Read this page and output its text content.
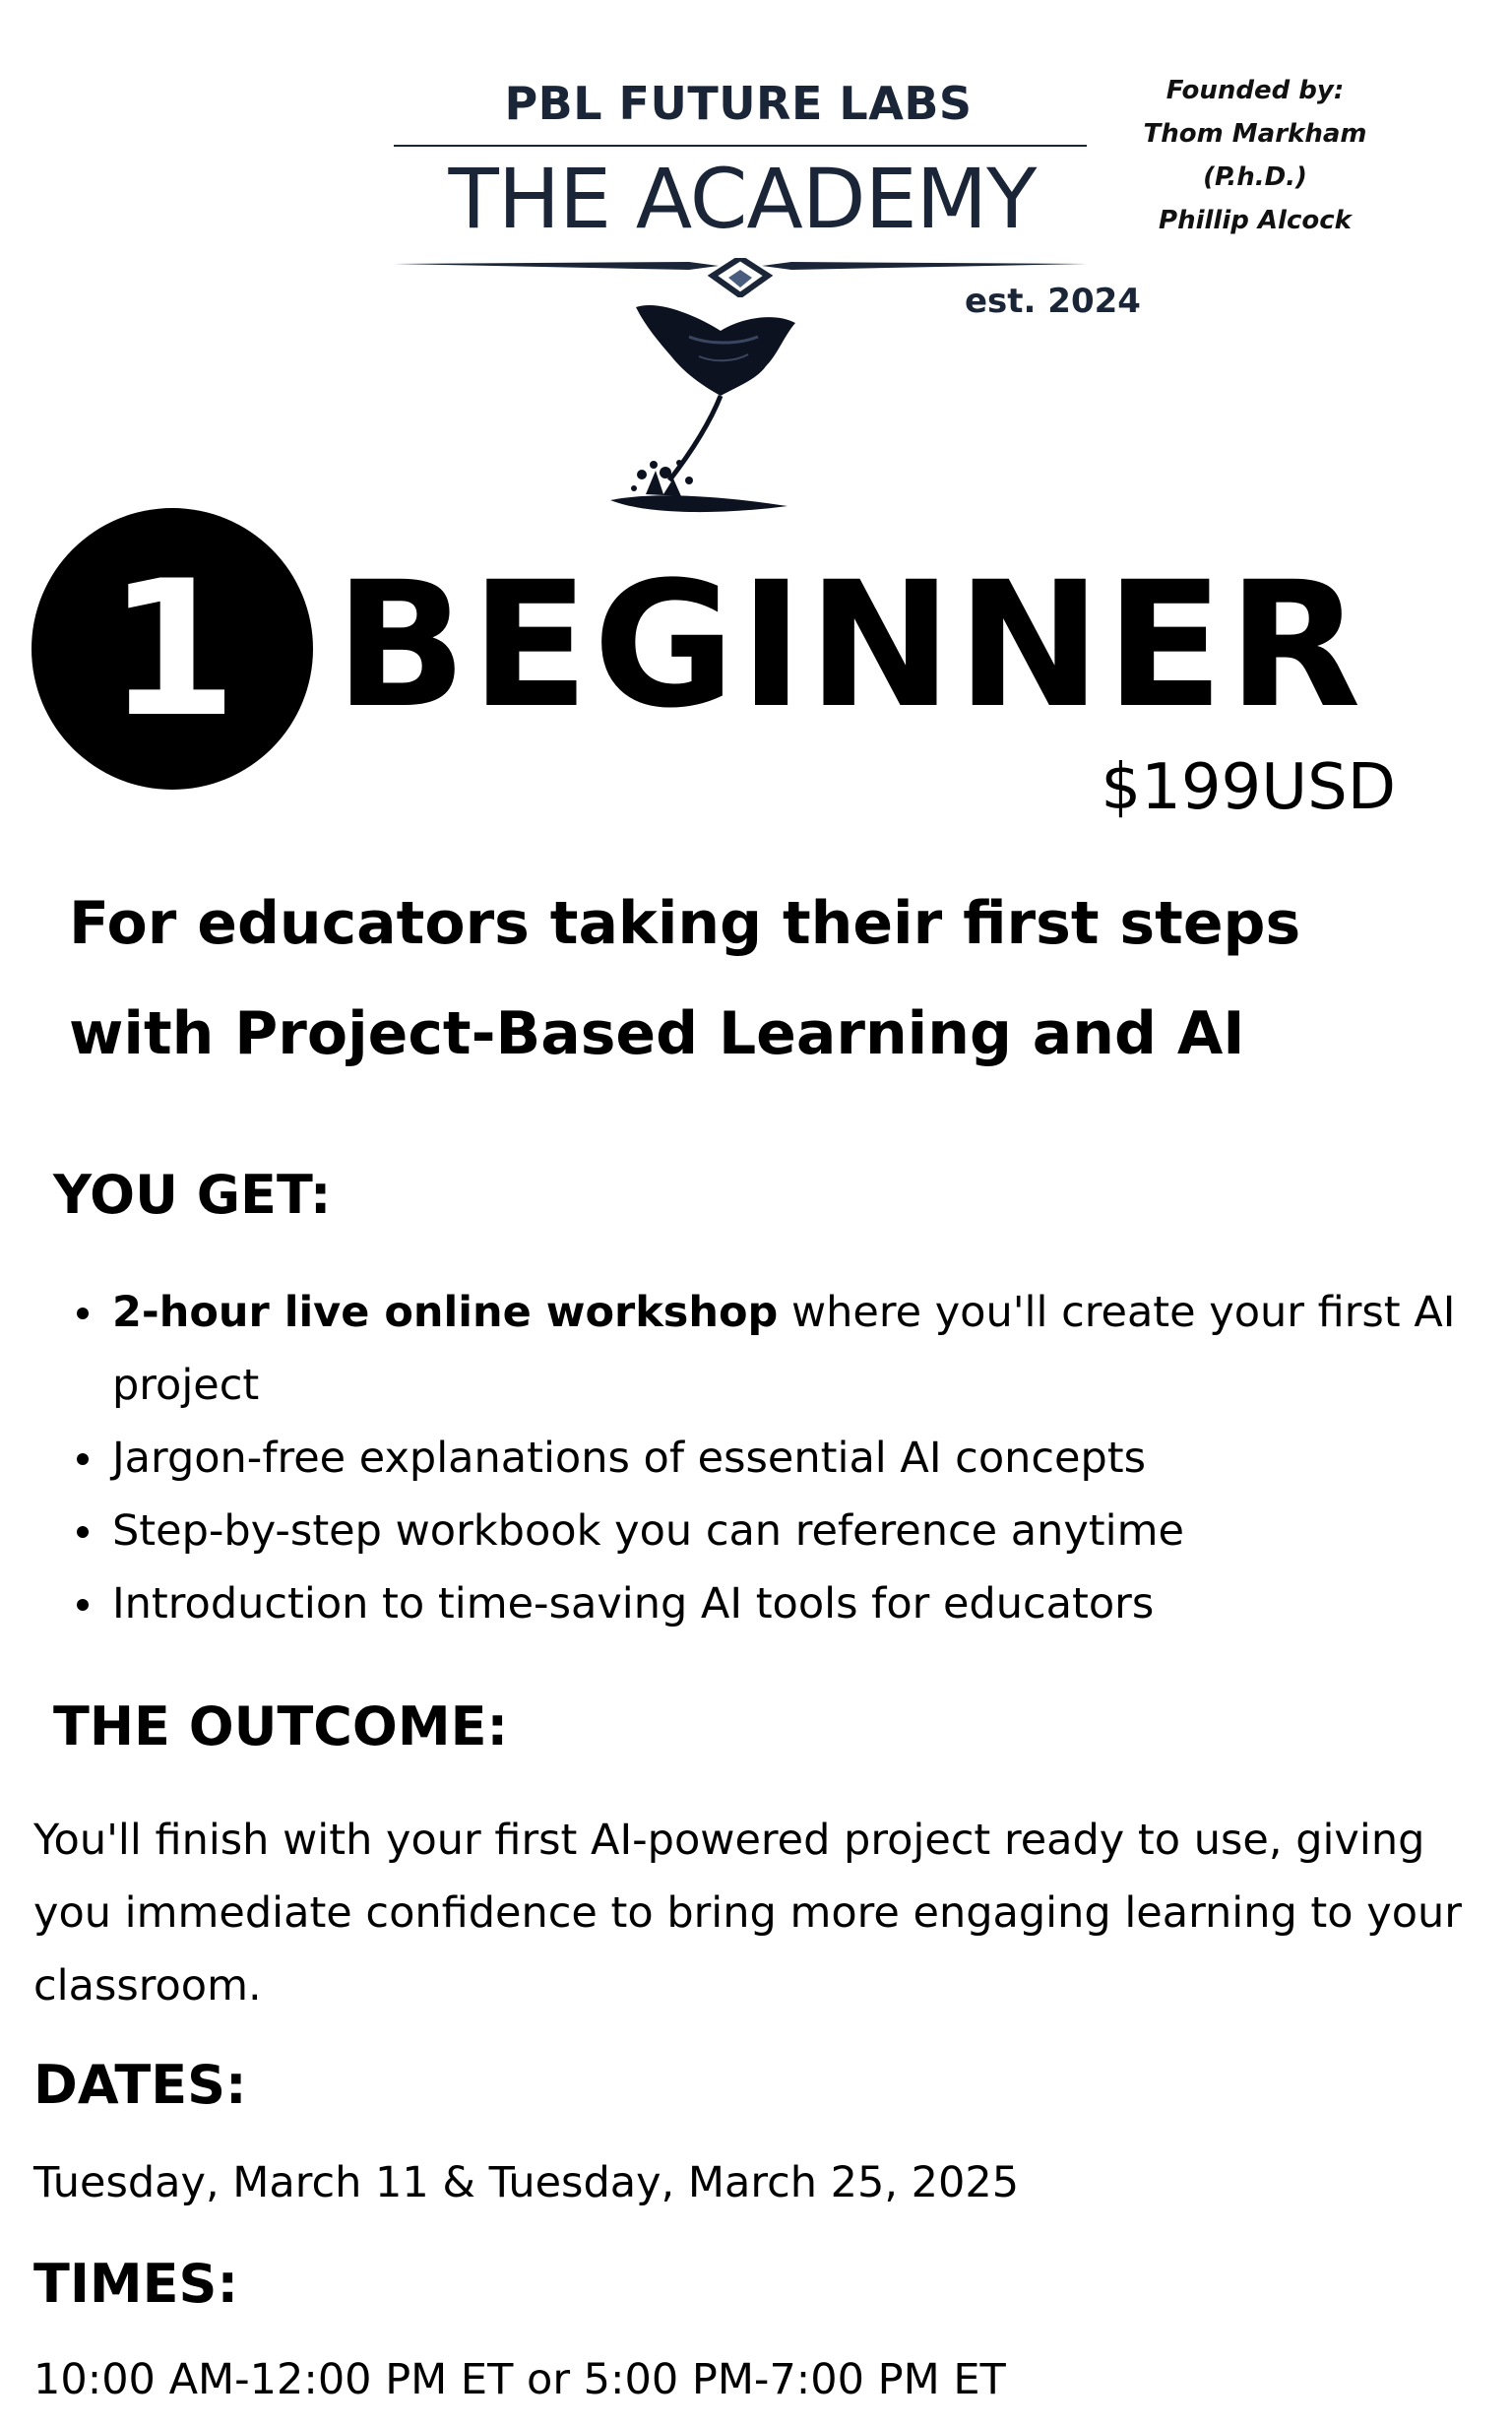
PBL FUTURE LABS
THE ACADEMY
est. 2024
Founded by:
Thom Markham
(P.h.D.)
Phillip Alcock
1 BEGINNER
$199USD
For educators taking their first steps
with Project-Based Learning and AI
YOU GET:
2-hour live online workshop where you'll create your first AI project
Jargon-free explanations of essential AI concepts
Step-by-step workbook you can reference anytime
Introduction to time-saving AI tools for educators
THE OUTCOME:
You'll finish with your first AI-powered project ready to use, giving you immediate confidence to bring more engaging learning to your classroom.
DATES:
Tuesday, March 11 & Tuesday, March 25, 2025
TIMES:
10:00 AM-12:00 PM ET or 5:00 PM-7:00 PM ET
